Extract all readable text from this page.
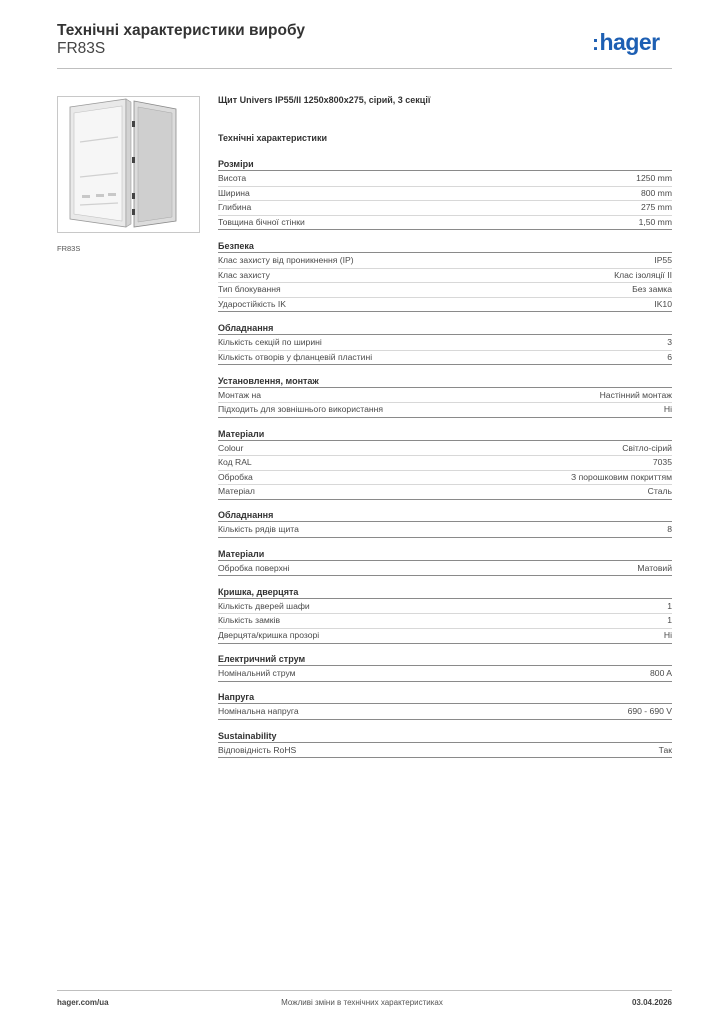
Технічні характеристики виробу
FR83S	:hager
FR83S
Щит Univers IP55/II 1250x800x275, сірий, 3 секції
Технічні характеристики
Розміри
Висота	1250 mm
Ширина	800 mm
Глибина	275 mm
Товщина бічної стінки	1,50 mm
Безпека
Клас захисту від проникнення (IP)	IP55
Клас захисту	Клас ізоляції II
Тип блокування	Без замка
Ударостійкість IK	IK10
Обладнання
Кількість секцій по ширині	3
Кількість отворів у фланцевій пластині	6
Установлення, монтаж
Монтаж на	Настінний монтаж
Підходить для зовнішнього використання	Ні
Матеріали
Colour	Світло-сірий
Код RAL	7035
Обробка	З порошковим покриттям
Матеріал	Сталь
Обладнання
Кількість рядів щита	8
Матеріали
Обробка поверхні	Матовий
Кришка, дверцята
Кількість дверей шафи	1
Кількість замків	1
Дверцята/кришка прозорі	Ні
Електричний струм
Номінальний струм	800 A
Напруга
Номінальна напруга	690 - 690 V
Sustainability
Відповідність RoHS	Так
hager.com/ua	Можливі зміни в технічних характеристиках	03.04.2026
